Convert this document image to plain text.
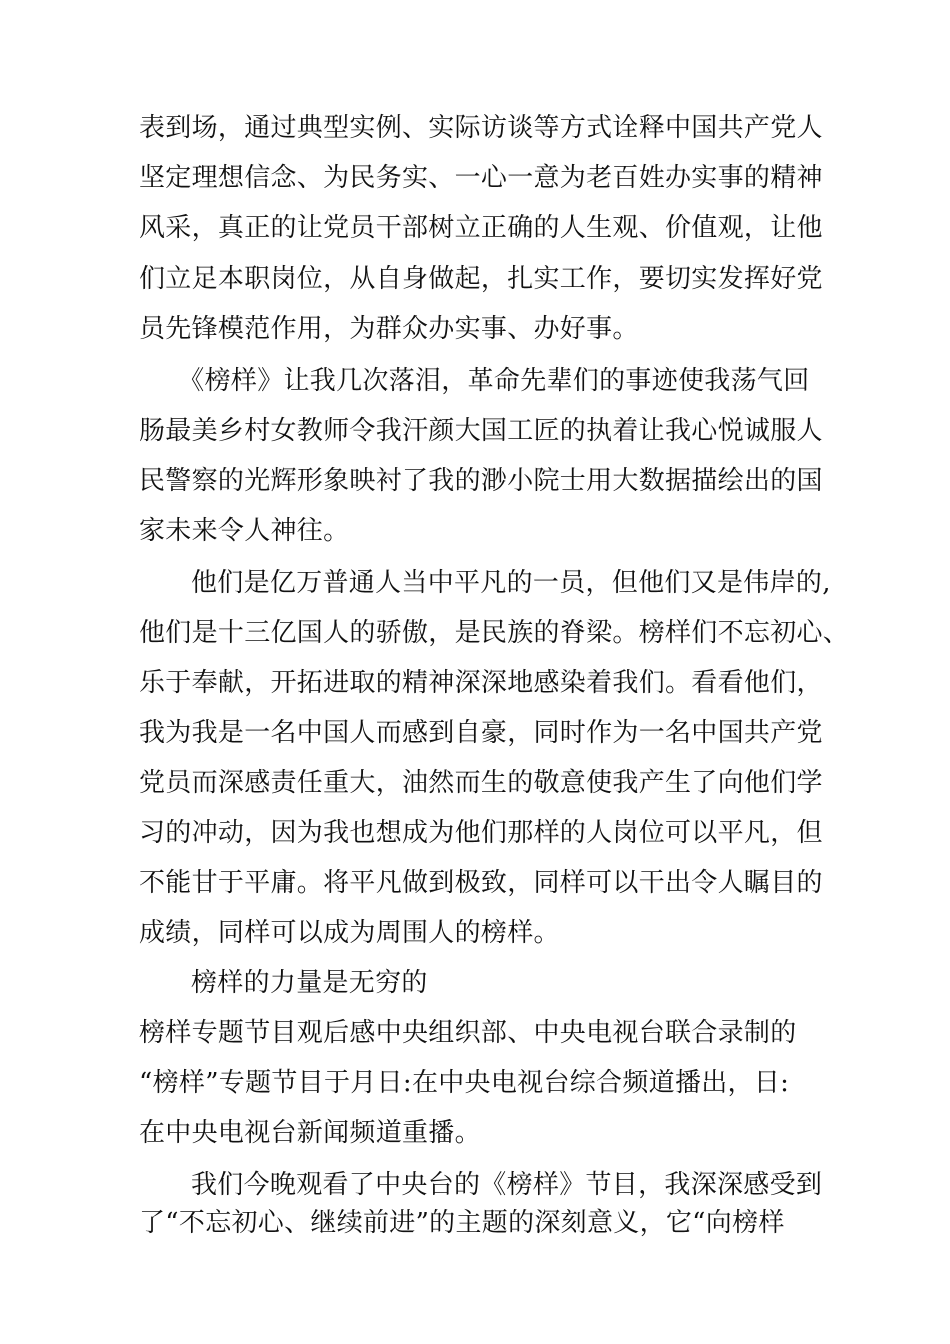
表到场，通过典型实例、实际访谈等方式诠释中国共产党人
坚定理想信念、为民务实、一心一意为老百姓办实事的精神
风采，真正的让党员干部树立正确的人生观、价值观，让他
们立足本职岗位，从自身做起，扎实工作，要切实发挥好党
员先锋模范作用，为群众办实事、办好事。
　《榜样》让我几次落泪，革命先辈们的事迹使我荡气回
肠最美乡村女教师令我汗颜大国工匠的执着让我心悦诚服人
民警察的光辉形象映衬了我的渺小院士用大数据描绘出的国
家未来令人神往。
他们是亿万普通人当中平凡的一员，但他们又是伟岸的,
他们是十三亿国人的骄傲，是民族的脊梁。榜样们不忘初心、
乐于奉献，开拓进取的精神深深地感染着我们。看看他们，
我为我是一名中国人而感到自豪，同时作为一名中国共产党
党员而深感责任重大，油然而生的敬意使我产生了向他们学
习的冲动，因为我也想成为他们那样的人岗位可以平凡，但
不能甘于平庸。将平凡做到极致，同样可以干出令人瞩目的
成绩，同样可以成为周围人的榜样。
榜样的力量是无穷的
榜样专题节目观后感中央组织部、中央电视台联合录制的
“榜样”专题节目于月日:在中央电视台综合频道播出，日:
在中央电视台新闻频道重播。
我们今晚观看了中央台的《榜样》节目，我深深感受到
了“不忘初心、继续前进”的主题的深刻意义，它“向榜样
